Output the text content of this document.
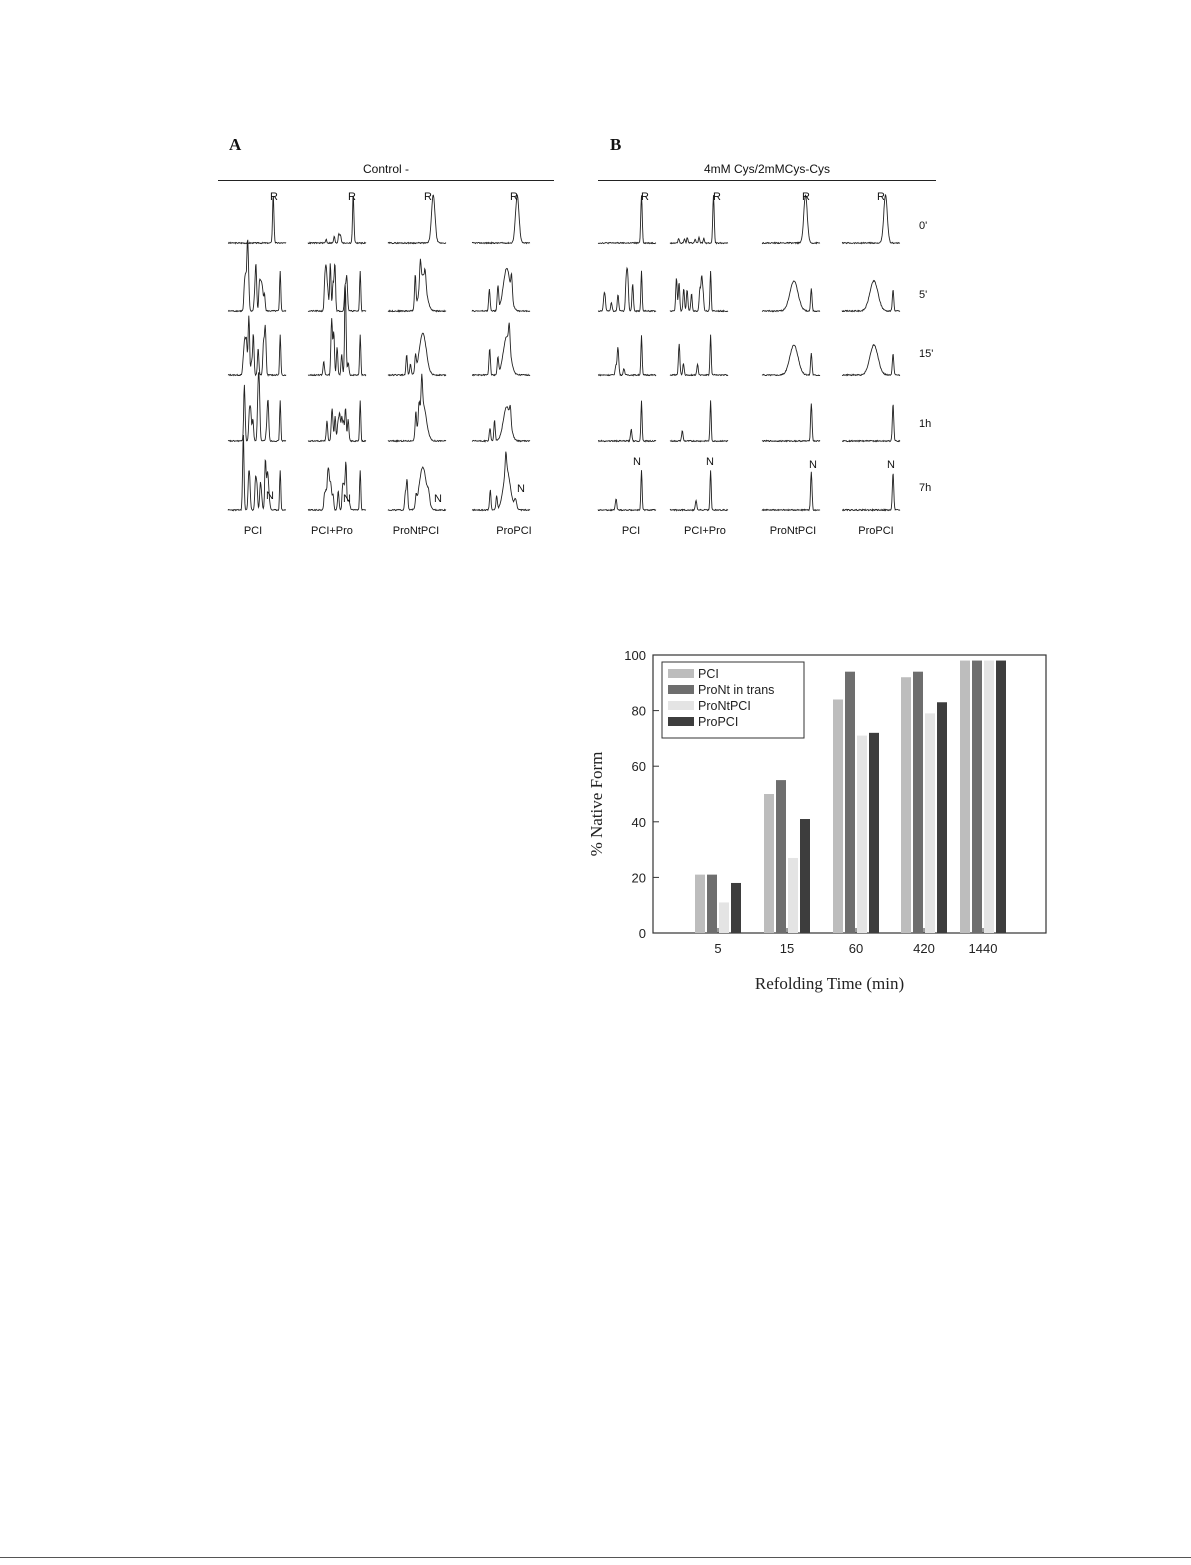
A
Control -
B
4mM Cys/2mMCys-Cys
R	R	R	R	R	R	R	R
N	N	N
N
N	N	N	N
PCI	PCI+Pro	ProNtPCI	ProPCI	PCI	PCI+Pro	ProNtPCI	ProPCI
0'
5'
15'
1h
7h
0
20
40
60
80
100
5	15	60	420	1440
Refolding Time (min)
% Native Form
PCI
ProNt in trans
ProNtPCI
ProPCI
